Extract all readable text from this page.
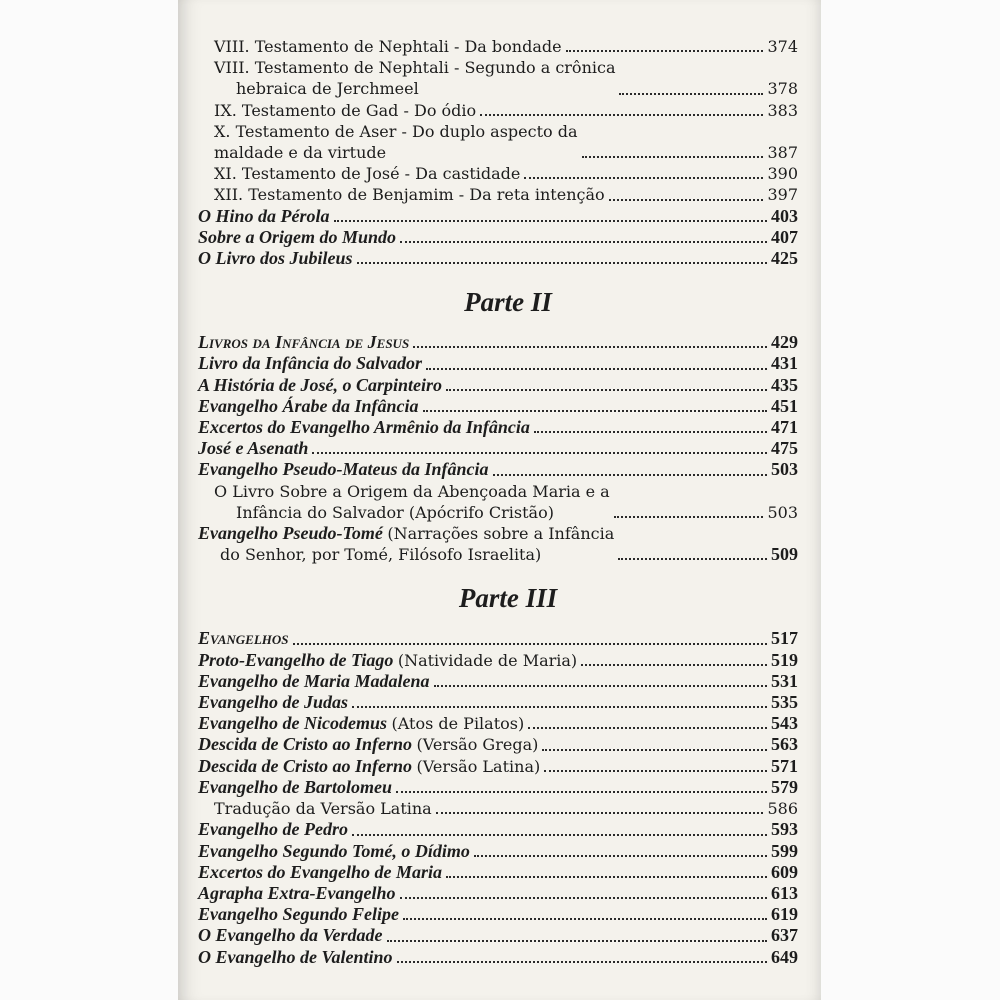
VIII. Testamento de Nephtali - Da bondade	374
VIII. Testamento de Nephtali - Segundo a crônica
hebraica de Jerchmeel	378
IX. Testamento de Gad - Do ódio	383
X. Testamento de Aser - Do duplo aspecto da
maldade e da virtude	387
XI. Testamento de José - Da castidade	390
XII. Testamento de Benjamim - Da reta intenção	397
O Hino da Pérola	403
Sobre a Origem do Mundo	407
O Livro dos Jubileus	425
Parte II
Livros da Infância de Jesus	429
Livro da Infância do Salvador	431
A História de José, o Carpinteiro	435
Evangelho Árabe da Infância	451
Excertos do Evangelho Armênio da Infância	471
José e Asenath	475
Evangelho Pseudo-Mateus da Infância	503
O Livro Sobre a Origem da Abençoada Maria e a
Infância do Salvador (Apócrifo Cristão)	503
Evangelho Pseudo-Tomé (Narrações sobre a Infância
do Senhor, por Tomé, Filósofo Israelita)	509
Parte III
Evangelhos	517
Proto-Evangelho de Tiago (Natividade de Maria)	519
Evangelho de Maria Madalena	531
Evangelho de Judas	535
Evangelho de Nicodemus (Atos de Pilatos)	543
Descida de Cristo ao Inferno (Versão Grega)	563
Descida de Cristo ao Inferno (Versão Latina)	571
Evangelho de Bartolomeu	579
Tradução da Versão Latina	586
Evangelho de Pedro	593
Evangelho Segundo Tomé, o Dídimo	599
Excertos do Evangelho de Maria	609
Agrapha Extra-Evangelho	613
Evangelho Segundo Felipe	619
O Evangelho da Verdade	637
O Evangelho de Valentino	649
